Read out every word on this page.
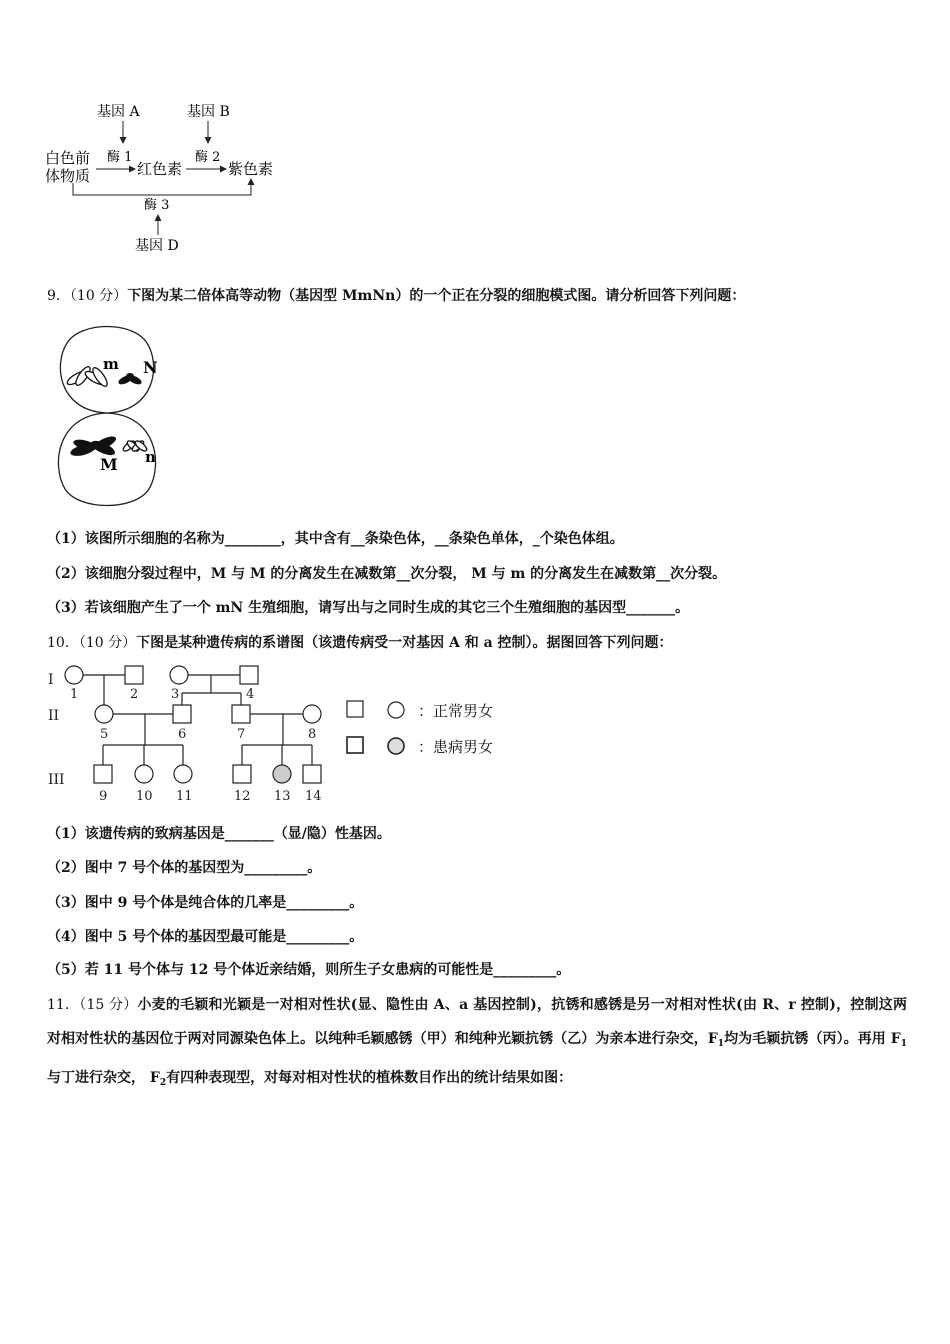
基因 A	基因 B
酶 1	酶 2
白色前
体物质	红色素	紫色素
酶 3
基因 D
9．（10 分）下图为某二倍体高等动物（基因型 MmNn）的一个正在分裂的细胞模式图。请分析回答下列问题：
m N
M n
（1）该图所示细胞的名称为________，其中含有__条染色体，__条染色单体，_个染色体组。
（2）该细胞分裂过程中，M 与 M 的分离发生在减数第__次分裂， M 与 m 的分离发生在减数第__次分裂。
（3）若该细胞产生了一个 mN 生殖细胞，请写出与之同时生成的其它三个生殖细胞的基因型_______。
10．（10 分）下图是某种遗传病的系谱图（该遗传病受一对基因 A 和 a 控制）。据图回答下列问题：
I
II
III
1	2	3	4
5	6	7	8
9 10 11	12 13 14
：正常男女
：患病男女
（1）该遗传病的致病基因是_______（显/隐）性基因。
（2）图中 7 号个体的基因型为_________。
（3）图中 9 号个体是纯合体的几率是_________。
（4）图中 5 号个体的基因型最可能是_________。
（5）若 11 号个体与 12 号个体近亲结婚，则所生子女患病的可能性是_________。
11．（15 分）小麦的毛颖和光颖是一对相对性状(显、隐性由 A、a 基因控制)，抗锈和感锈是另一对相对性状(由 R、r 控制)，控制这两对相对性状的基因位于两对同源染色体上。以纯种毛颖感锈（甲）和纯种光颖抗锈（乙）为亲本进行杂交，$F_1$均为毛颖抗锈（丙）。再用 $F_1$与丁进行杂交， $F_2$有四种表现型，对每对相对性状的植株数目作出的统计结果如图：
